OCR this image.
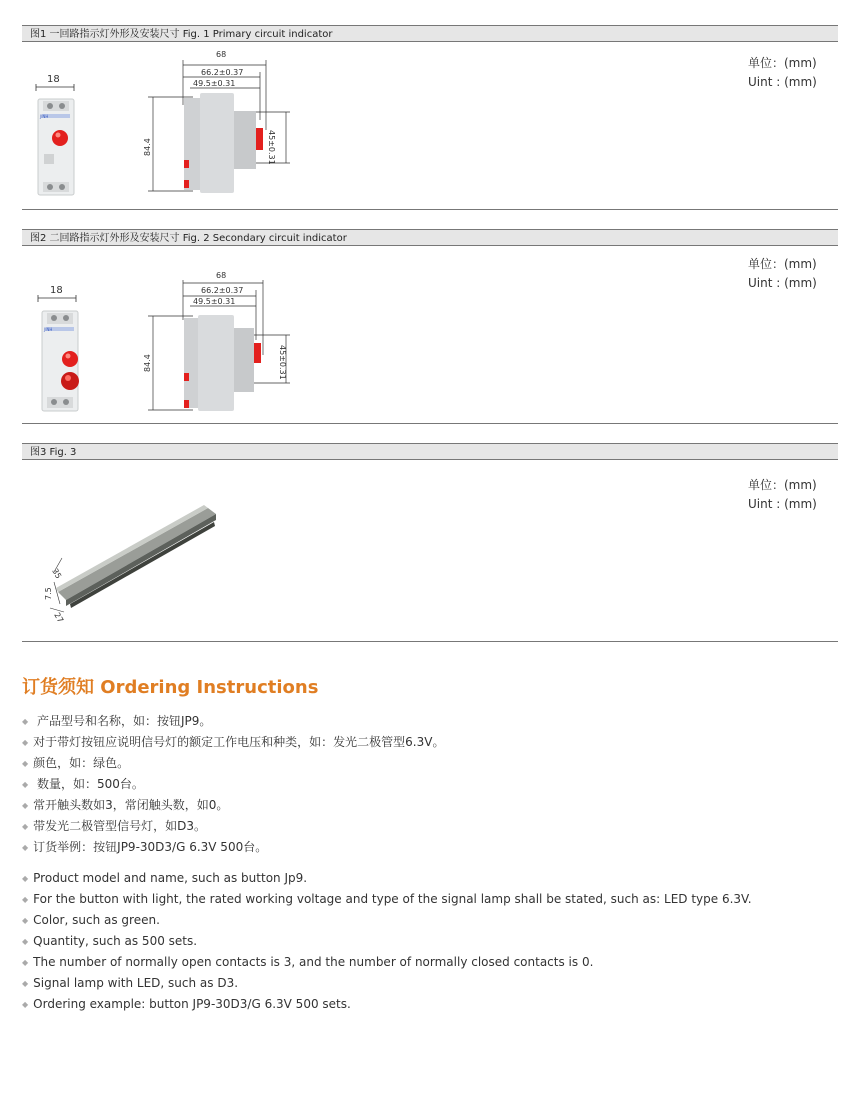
图1 一回路指示灯外形及安装尺寸 Fig. 1 Primary circuit indicator
单位：(mm)
Uint : (mm)
18
JINH
68
66.2±0.37
49.5±0.31
84.4	45±0.31
图2 二回路指示灯外形及安装尺寸 Fig. 2 Secondary circuit indicator
单位：(mm)
Uint : (mm)
18
JINH
68
66.2±0.37
49.5±0.31
84.4	45±0.31
图3 Fig. 3
单位：(mm)
Uint : (mm)
35
7.5
27
订货须知 Ordering Instructions
◆ 产品型号和名称，如：按钮JP9。
◆ 对于带灯按钮应说明信号灯的额定工作电压和种类，如：发光二极管型6.3V。
◆ 颜色，如：绿色。
◆ 数量，如：500台。
◆ 常开触头数如3，常闭触头数，如0。
◆ 带发光二极管型信号灯，如D3。
◆ 订货举例：按钮JP9-30D3/G 6.3V 500台。
◆ Product model and name, such as button Jp9.
◆ For the button with light, the rated working voltage and type of the signal lamp shall be stated, such as: LED type 6.3V.
◆ Color, such as green.
◆ Quantity, such as 500 sets.
◆ The number of normally open contacts is 3, and the number of normally closed contacts is 0.
◆ Signal lamp with LED, such as D3.
◆ Ordering example: button JP9-30D3/G 6.3V 500 sets.
